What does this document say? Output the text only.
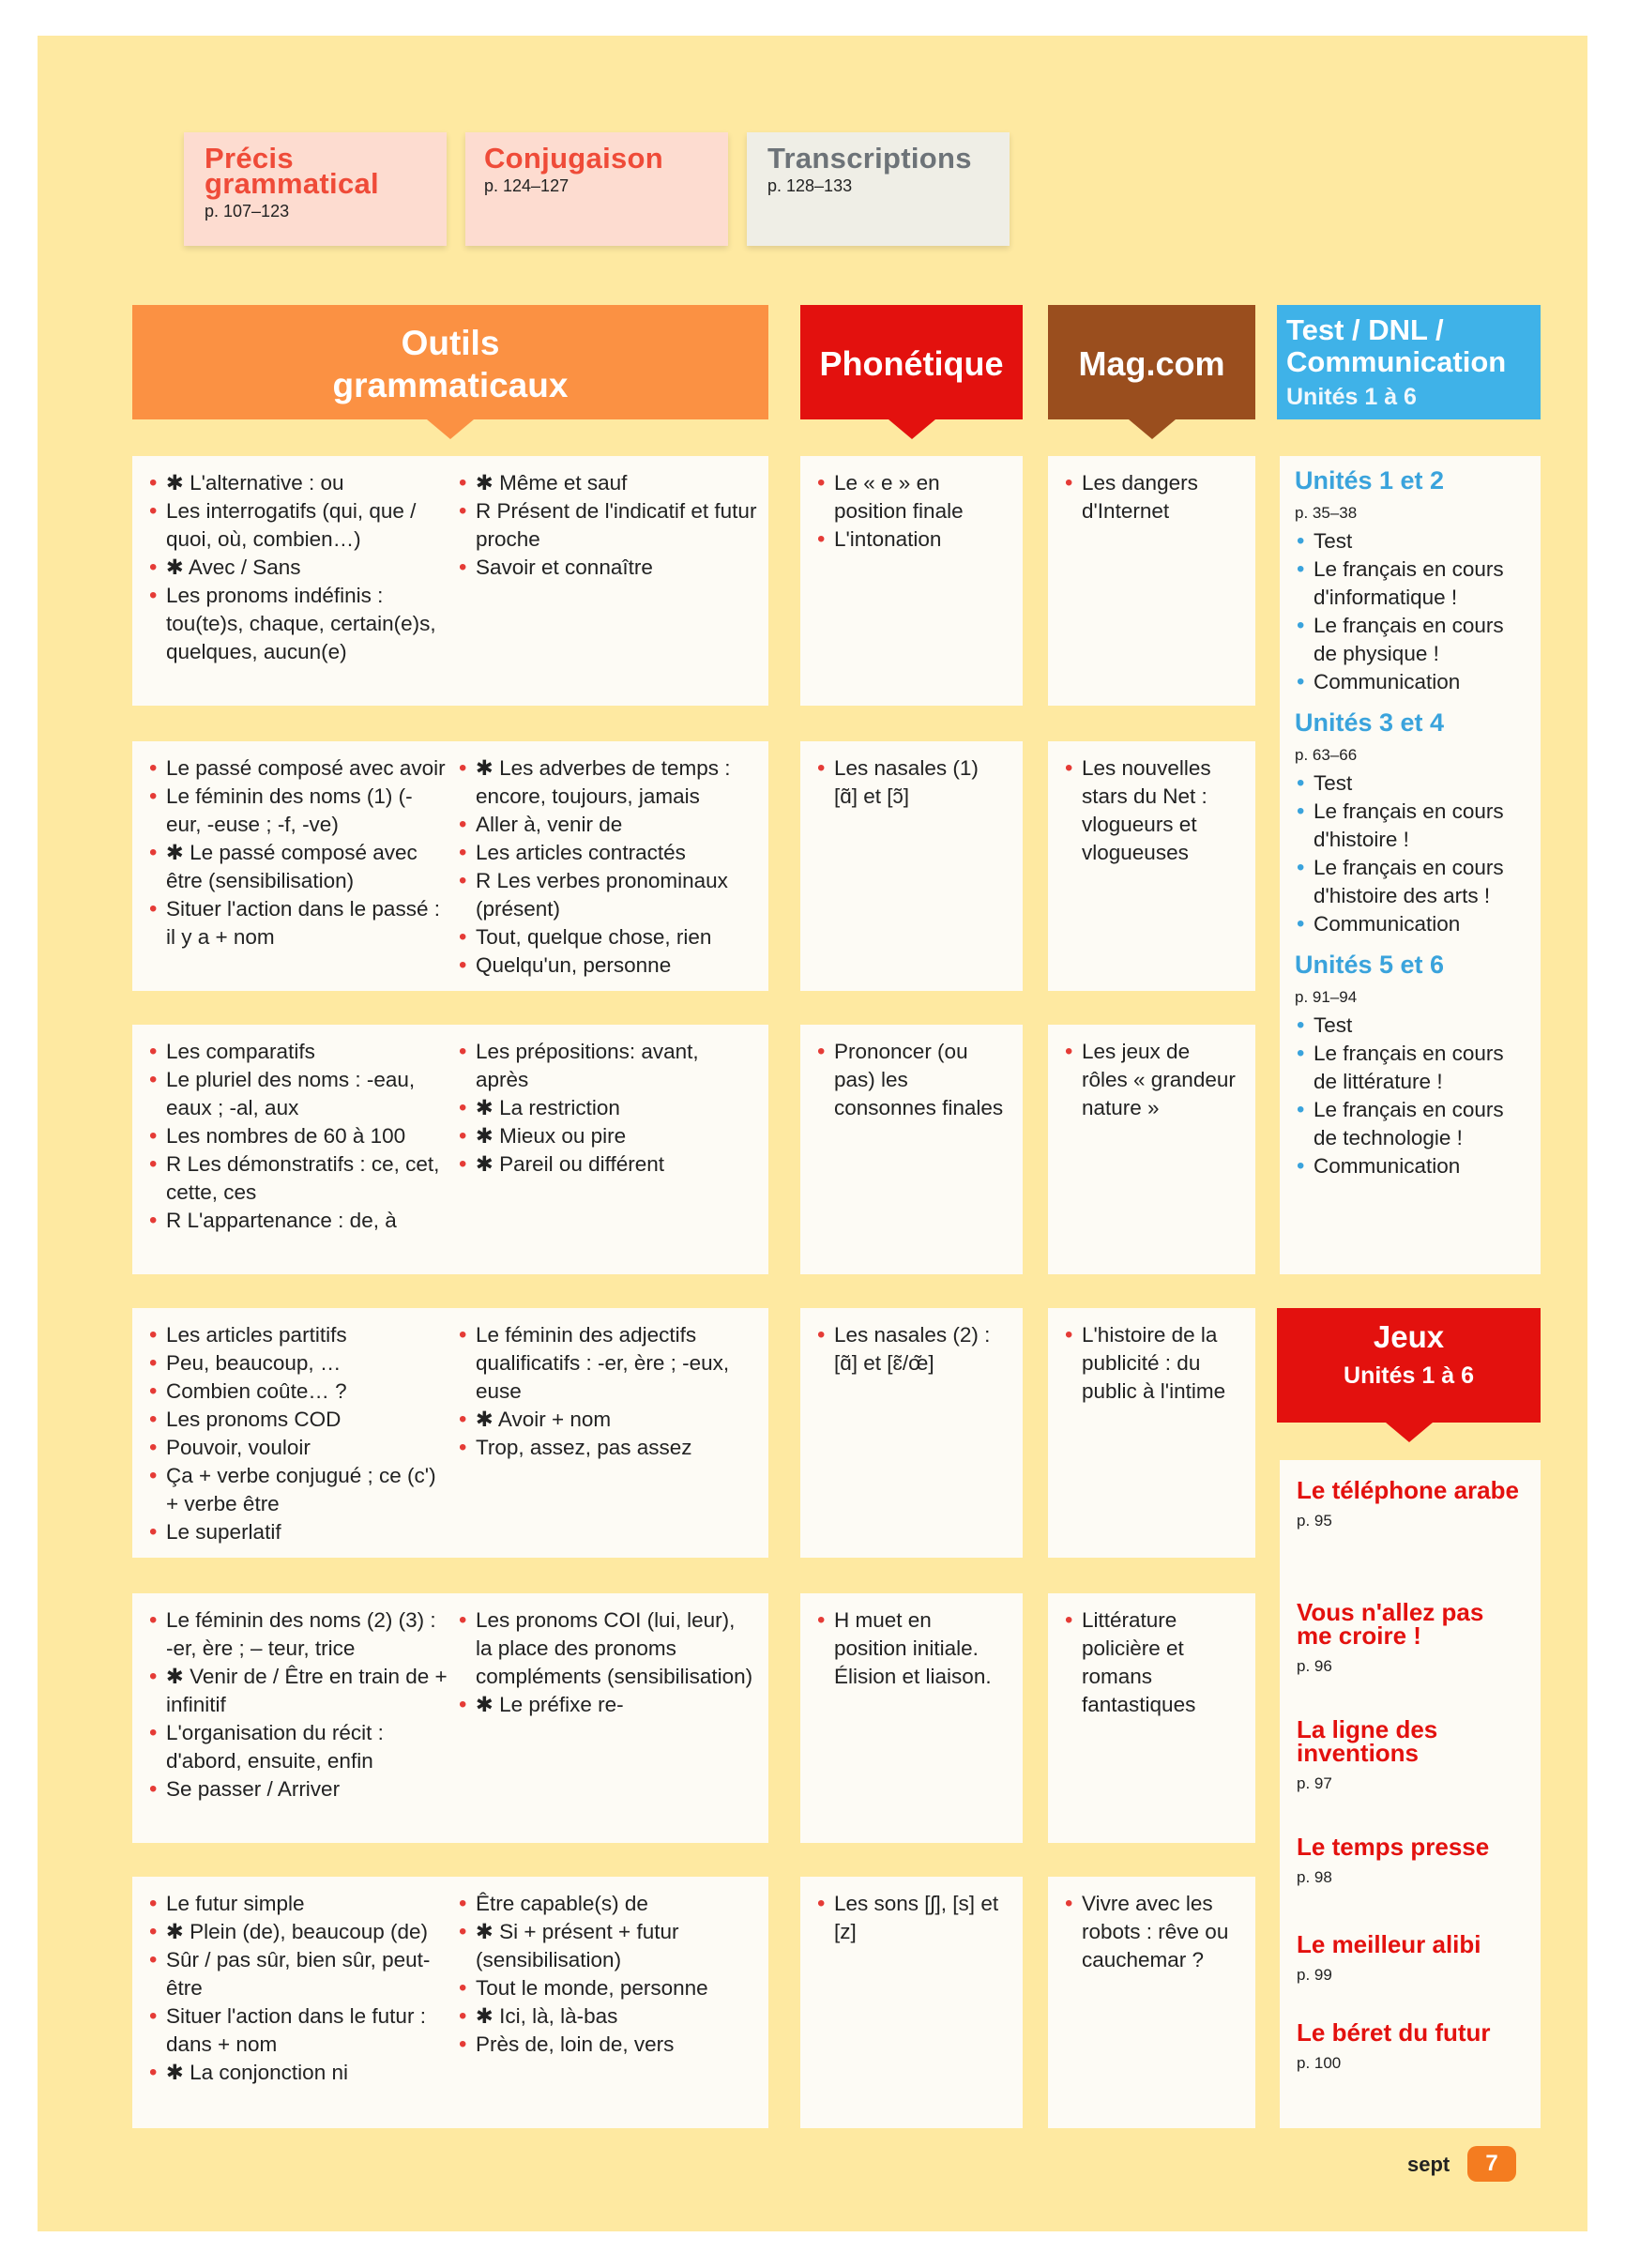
Précis grammatical
p. 107–123
Conjugaison
p. 124–127
Transcriptions
p. 128–133
Outils grammaticaux
Phonétique	Mag.com
Test / DNL / Communication
Unités 1 à 6
• ✱ L'alternative : ou
• Les interrogatifs (qui, que / quoi, où, combien…)
• ✱ Avec / Sans
• Les pronoms indéfinis : tou(te)s, chaque, certain(e)s, quelques, aucun(e)
• ✱ Même et sauf
• R Présent de l'indicatif et futur proche
• Savoir et connaître
• Le « e » en position finale
• L'intonation
• Les dangers d'Internet
• Le passé composé avec avoir
• Le féminin des noms (1) (-eur, -euse ; -f, -ve)
• ✱ Le passé composé avec être (sensibilisation)
• Situer l'action dans le passé : il y a + nom
• ✱ Les adverbes de temps : encore, toujours, jamais
• Aller à, venir de
• Les articles contractés
• R Les verbes pronominaux (présent)
• Tout, quelque chose, rien
• Quelqu'un, personne
• Les nasales (1) [ɑ̃] et [ɔ̃]
• Les nouvelles stars du Net : vlogueurs et vlogueuses
• Les comparatifs
• Le pluriel des noms : -eau, eaux ; -al, aux
• Les nombres de 60 à 100
• R Les démonstratifs : ce, cet, cette, ces
• R L'appartenance : de, à
• Les prépositions: avant, après
• ✱ La restriction
• ✱ Mieux ou pire
• ✱ Pareil ou différent
• Prononcer (ou pas) les consonnes finales
• Les jeux de rôles « grandeur nature »
• Les articles partitifs
• Peu, beaucoup, …
• Combien coûte… ?
• Les pronoms COD
• Pouvoir, vouloir
• Ça + verbe conjugué ; ce (c') + verbe être
• Le superlatif
• Le féminin des adjectifs qualificatifs : -er, ère ; -eux, euse
• ✱ Avoir + nom
• Trop, assez, pas assez
• Les nasales (2) : [ɑ̃] et [ɛ̃/œ̃]
• L'histoire de la publicité : du public à l'intime
• Le féminin des noms (2) (3) : -er, ère ; – teur, trice
• ✱ Venir de / Être en train de + infinitif
• L'organisation du récit : d'abord, ensuite, enfin
• Se passer / Arriver
• Les pronoms COI (lui, leur), la place des pronoms compléments (sensibilisation)
• ✱ Le préfixe re-
• H muet en position initiale. Élision et liaison.
• Littérature policière et romans fantastiques
• Le futur simple
• ✱ Plein (de), beaucoup (de)
• Sûr / pas sûr, bien sûr, peut-être
• Situer l'action dans le futur : dans + nom
• ✱ La conjonction ni
• Être capable(s) de
• ✱ Si + présent + futur (sensibilisation)
• Tout le monde, personne
• ✱ Ici, là, là-bas
• Près de, loin de, vers
• Les sons [ʃ], [s] et [z]
• Vivre avec les robots : rêve ou cauchemar ?
Unités 1 et 2
p. 35–38
• Test
• Le français en cours d'informatique !
• Le français en cours de physique !
• Communication
Unités 3 et 4
p. 63–66
• Test
• Le français en cours d'histoire !
• Le français en cours d'histoire des arts !
• Communication
Unités 5 et 6
p. 91–94
• Test
• Le français en cours de littérature !
• Le français en cours de technologie !
• Communication
Jeux
Unités 1 à 6
Le téléphone arabe
p. 95
Vous n'allez pas me croire !
p. 96
La ligne des inventions
p. 97
Le temps presse
p. 98
Le meilleur alibi
p. 99
Le béret du futur
p. 100
sept	7
